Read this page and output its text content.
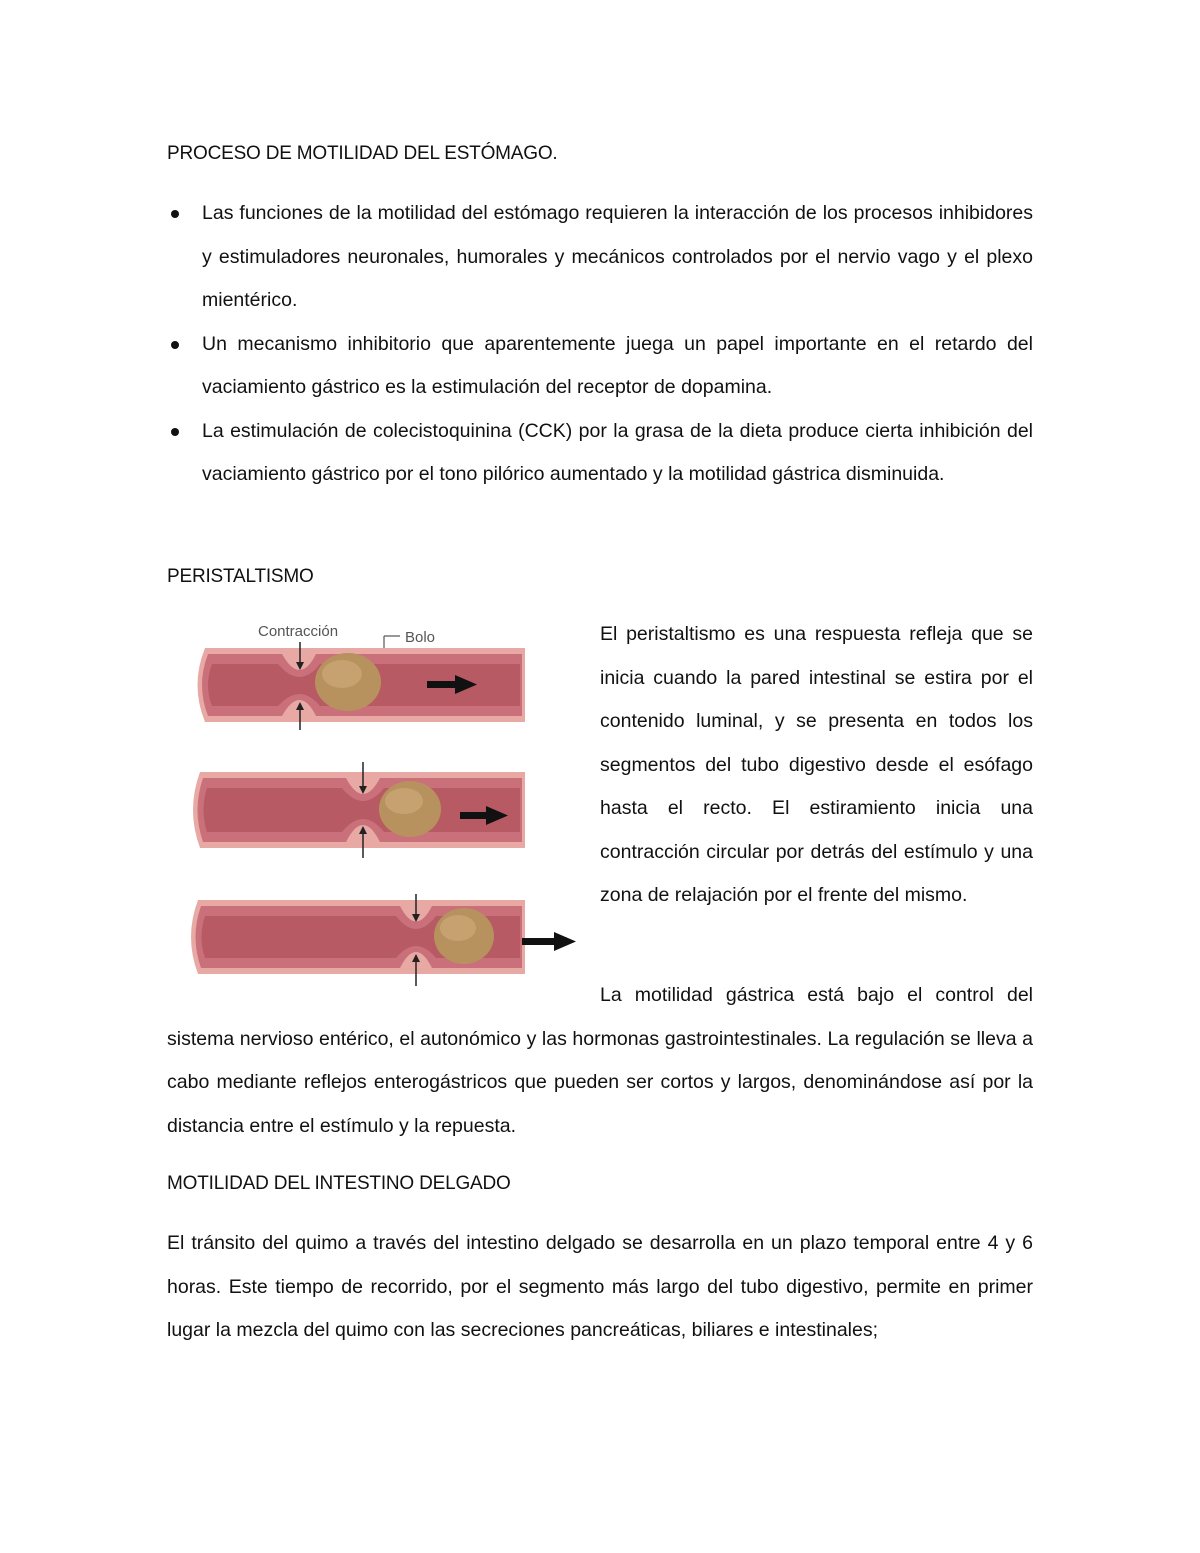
PROCESO DE MOTILIDAD DEL ESTÓMAGO.
Las funciones de la motilidad del estómago requieren la interacción de los procesos inhibidores y estimuladores neuronales, humorales y mecánicos controlados por el nervio vago y el plexo mientérico.
Un mecanismo inhibitorio que aparentemente juega un papel importante en el retardo del vaciamiento gástrico es la estimulación del receptor de dopamina.
La estimulación de colecistoquinina (CCK) por la grasa de la dieta produce cierta inhibición del vaciamiento gástrico por el tono pilórico aumentado y la motilidad gástrica disminuida.
PERISTALTISMO
Contracción	Bolo	El peristaltismo es una respuesta refleja que se inicia cuando la pared intestinal se estira por el contenido luminal, y se presenta en todos los segmentos del tubo digestivo desde el esófago hasta el recto. El estiramiento inicia una contracción circular por detrás del estímulo y una zona de relajación por el frente del mismo.

La motilidad gástrica está bajo el control del sistema nervioso entérico, el autonómico y las hormonas gastrointestinales. La regulación se lleva a cabo mediante reflejos enterogástricos que pueden ser cortos y largos, denominándose así por la distancia entre el estímulo y la repuesta.

MOTILIDAD DEL INTESTINO DELGADO

El tránsito del quimo a través del intestino delgado se desarrolla en un plazo temporal entre 4 y 6 horas. Este tiempo de recorrido, por el segmento más largo del tubo digestivo, permite en primer lugar la mezcla del quimo con las secreciones pancreáticas, biliares e intestinales;
